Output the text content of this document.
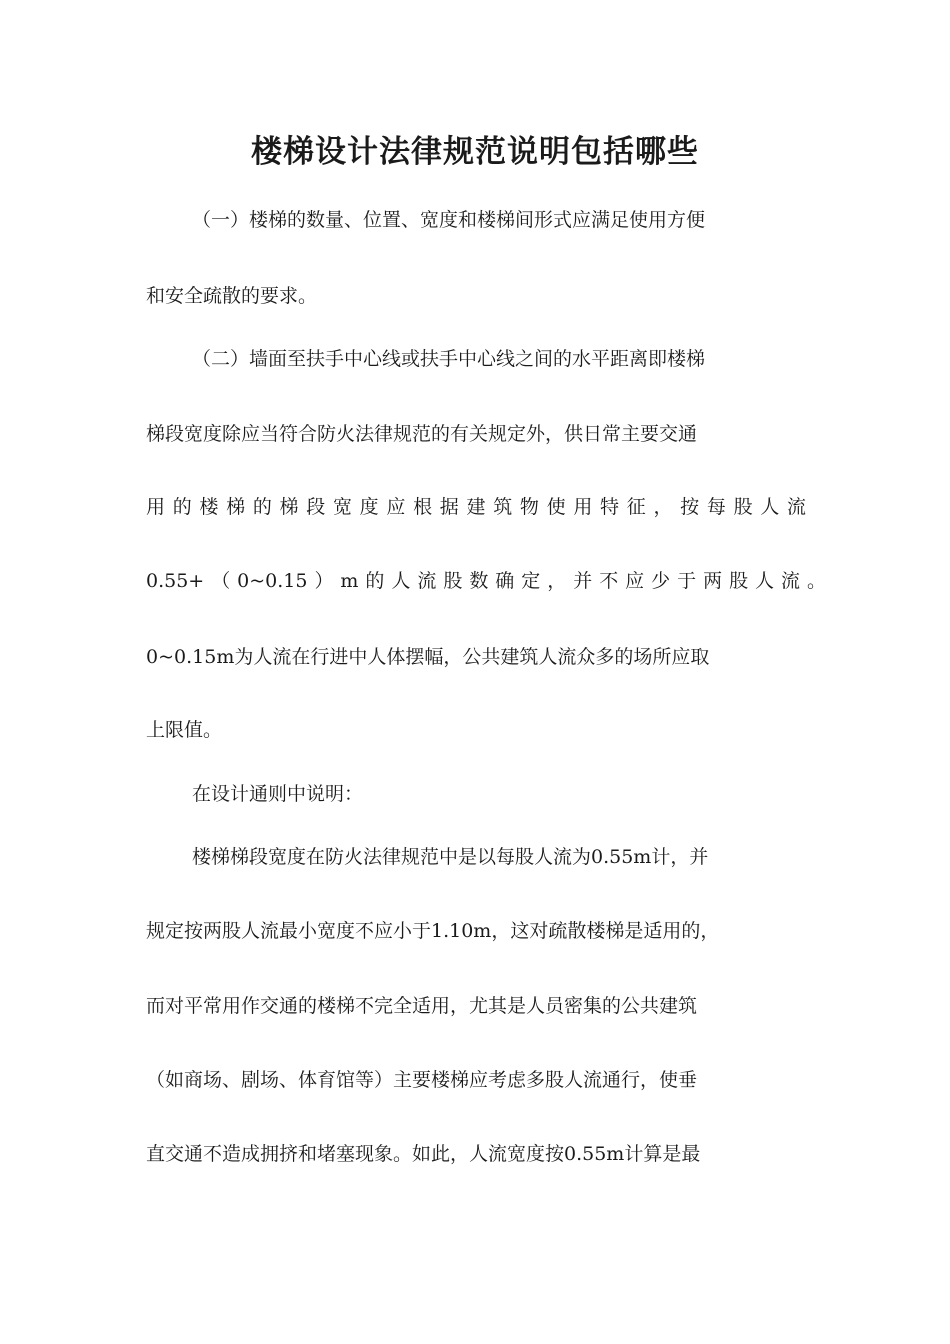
楼梯设计法律规范说明包括哪些

（一）楼梯的数量、位置、宽度和楼梯间形式应满足使用方便

和安全疏散的要求。

（二）墙面至扶手中心线或扶手中心线之间的水平距离即楼梯

梯段宽度除应当符合防火法律规范的有关规定外，供日常主要交通

用的楼梯的梯段宽度应根据建筑物使用特征，按每股人流

0.55+（0~0.15）m的人流股数确定，并不应少于两股人流。

0~0.15m为人流在行进中人体摆幅，公共建筑人流众多的场所应取

上限值。

在设计通则中说明：

楼梯梯段宽度在防火法律规范中是以每股人流为0.55m计，并

规定按两股人流最小宽度不应小于1.10m，这对疏散楼梯是适用的，

而对平常用作交通的楼梯不完全适用，尤其是人员密集的公共建筑

（如商场、剧场、体育馆等）主要楼梯应考虑多股人流通行，使垂

直交通不造成拥挤和堵塞现象。如此，人流宽度按0.55m计算是最
